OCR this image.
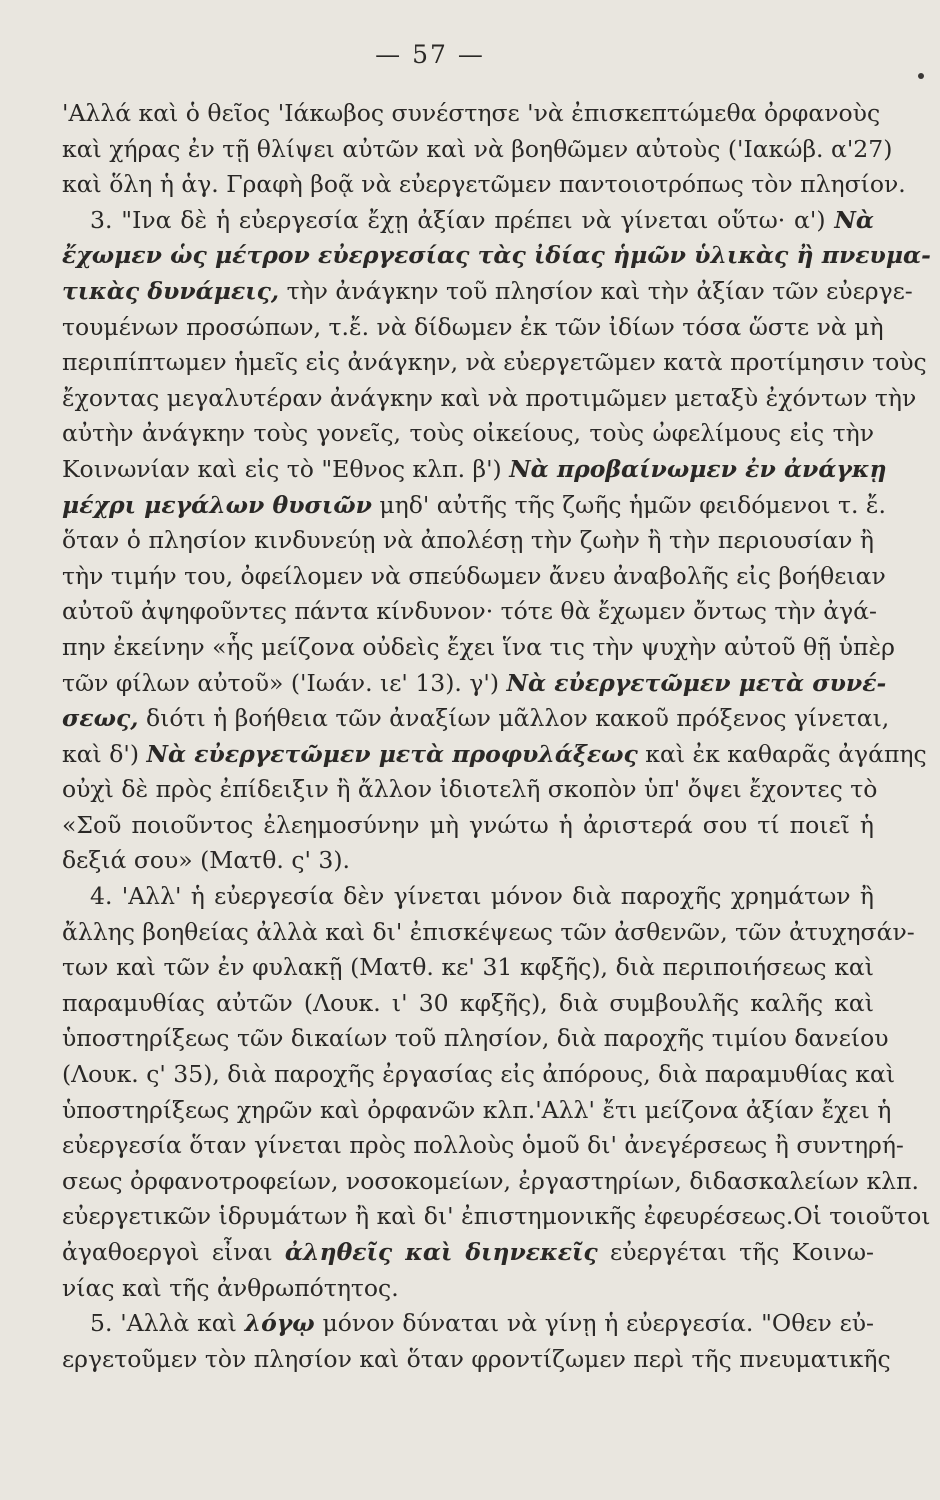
— 57 —
'Αλλά καὶ ὁ θεῖος 'Ιάκωβος συνέστησε 'νὰ ἐπισκεπτώμεθα ὀρφανοὺς
καὶ χήρας ἐν τῇ θλίψει αὐτῶν καὶ νὰ βοηθῶμεν αὐτοὺς ('Ιακώβ. α'27)
καὶ ὅλη ἡ ἁγ. Γραφὴ βοᾷ νὰ εὐεργετῶμεν παντοιοτρόπως τὸν πλησίον.
3. "Ινα δὲ ἡ εὐεργεσία ἔχῃ ἀξίαν πρέπει νὰ γίνεται οὕτω· α') Νὰ
ἔχωμεν ὡς μέτρον εὐεργεσίας τὰς ἰδίας ἡμῶν ὑλικὰς ἢ πνευμα-
τικὰς δυνάμεις, τὴν ἀνάγκην τοῦ πλησίον καὶ τὴν ἀξίαν τῶν εὐεργε-
τουμένων προσώπων, τ.ἔ. νὰ δίδωμεν ἐκ τῶν ἰδίων τόσα ὥστε νὰ μὴ
περιπίπτωμεν ἡμεῖς εἰς ἀνάγκην, νὰ εὐεργετῶμεν κατὰ προτίμησιν τοὺς
ἔχοντας μεγαλυτέραν ἀνάγκην καὶ νὰ προτιμῶμεν μεταξὺ ἐχόντων τὴν
αὐτὴν ἀνάγκην τοὺς γονεῖς, τοὺς οἰκείους, τοὺς ὠφελίμους εἰς τὴν
Κοινωνίαν καὶ εἰς τὸ "Εθνος κλπ. β') Νὰ προβαίνωμεν ἐν ἀνάγκῃ
μέχρι μεγάλων θυσιῶν μηδ' αὐτῆς τῆς ζωῆς ἡμῶν φειδόμενοι τ. ἔ.
ὅταν ὁ πλησίον κινδυνεύῃ νὰ ἀπολέσῃ τὴν ζωὴν ἢ τὴν περιουσίαν ἢ
τὴν τιμήν του, ὀφείλομεν νὰ σπεύδωμεν ἄνευ ἀναβολῆς εἰς βοήθειαν
αὐτοῦ ἀψηφοῦντες πάντα κίνδυνον· τότε θὰ ἔχωμεν ὄντως τὴν ἀγά-
πην ἐκείνην «ἧς μείζονα οὐδεὶς ἔχει ἵνα τις τὴν ψυχὴν αὐτοῦ θῇ ὑπὲρ
τῶν φίλων αὐτοῦ» ('Ιωάν. ιε' 13). γ') Νὰ εὐεργετῶμεν μετὰ συνέ-
σεως, διότι ἡ βοήθεια τῶν ἀναξίων μᾶλλον κακοῦ πρόξενος γίνεται,
καὶ δ') Νὰ εὐεργετῶμεν μετὰ προφυλάξεως καὶ ἐκ καθαρᾶς ἀγάπης
οὐχὶ δὲ πρὸς ἐπίδειξιν ἢ ἄλλον ἰδιοτελῆ σκοπὸν ὑπ' ὄψει ἔχοντες τὸ
«Σοῦ ποιοῦντος ἐλεημοσύνην μὴ γνώτω ἡ ἀριστερά σου τί ποιεῖ ἡ
δεξιά σου» (Ματθ. ς' 3).
4. 'Αλλ' ἡ εὐεργεσία δὲν γίνεται μόνον διὰ παροχῆς χρημάτων ἢ
ἄλλης βοηθείας ἀλλὰ καὶ δι' ἐπισκέψεως τῶν ἀσθενῶν, τῶν ἀτυχησάν-
των καὶ τῶν ἐν φυλακῇ (Ματθ. κε' 31 κφξῆς), διὰ περιποιήσεως καὶ
παραμυθίας αὐτῶν (Λουκ. ι' 30 κφξῆς), διὰ συμβουλῆς καλῆς καὶ
ὑποστηρίξεως τῶν δικαίων τοῦ πλησίον, διὰ παροχῆς τιμίου δανείου
(Λουκ. ς' 35), διὰ παροχῆς ἐργασίας εἰς ἀπόρους, διὰ παραμυθίας καὶ
ὑποστηρίξεως χηρῶν καὶ ὀρφανῶν κλπ.'Αλλ' ἔτι μείζονα ἀξίαν ἔχει ἡ
εὐεργεσία ὅταν γίνεται πρὸς πολλοὺς ὁμοῦ δι' ἀνεγέρσεως ἢ συντηρή-
σεως ὀρφανοτροφείων, νοσοκομείων, ἐργαστηρίων, διδασκαλείων κλπ.
εὐεργετικῶν ἱδρυμάτων ἢ καὶ δι' ἐπιστημονικῆς ἐφευρέσεως.Οἱ τοιοῦτοι
ἀγαθοεργοὶ εἶναι ἀληθεῖς καὶ διηνεκεῖς εὐεργέται τῆς Κοινω-
νίας καὶ τῆς ἀνθρωπότητος.
5. 'Αλλὰ καὶ λόγῳ μόνον δύναται νὰ γίνῃ ἡ εὐεργεσία. "Οθεν εὐ-
εργετοῦμεν τὸν πλησίον καὶ ὅταν φροντίζωμεν περὶ τῆς πνευματικῆς
